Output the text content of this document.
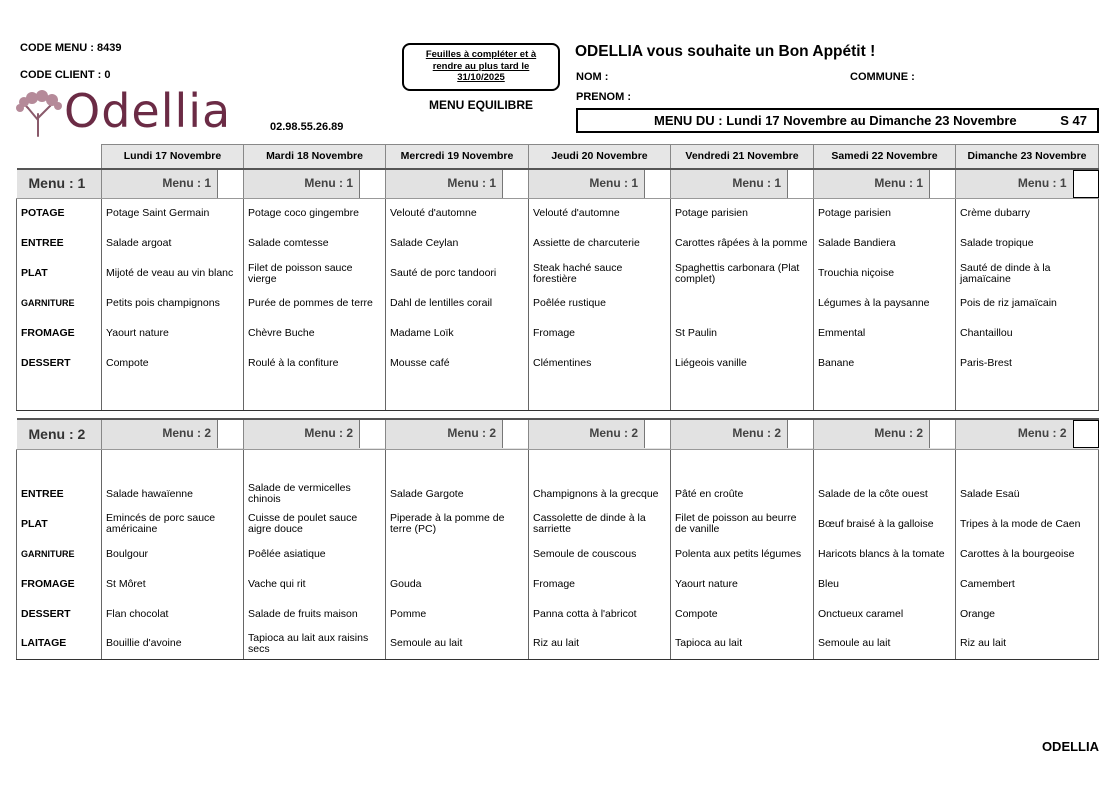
CODE MENU : 8439
CODE CLIENT : 0
Odellia	02.98.55.26.89
Feuilles à compléter et à rendre au plus tard le 31/10/2025
MENU EQUILIBRE
ODELLIA vous souhaite un Bon Appétit !
NOM :	COMMUNE :
PRENOM :
MENU DU : Lundi 17 Novembre au Dimanche 23 Novembre	S 47
	Lundi 17 Novembre	Mardi 18 Novembre	Mercredi 19 Novembre	Jeudi 20 Novembre	Vendredi 21 Novembre	Samedi 22 Novembre	Dimanche 23 Novembre
Menu : 1	Menu : 1	Menu : 1	Menu : 1	Menu : 1	Menu : 1	Menu : 1	Menu : 1
POTAGE	Potage Saint Germain	Potage coco gingembre	Velouté d'automne	Velouté d'automne	Potage parisien	Potage parisien	Crème dubarry
ENTREE	Salade argoat	Salade comtesse	Salade Ceylan	Assiette de charcuterie	Carottes râpées à la pomme	Salade Bandiera	Salade tropique
PLAT	Mijoté de veau au vin blanc	Filet de poisson sauce vierge	Sauté de porc tandoori	Steak haché sauce forestière	Spaghettis carbonara (Plat complet)	Trouchia niçoise	Sauté de dinde à la jamaïcaine
GARNITURE	Petits pois champignons	Purée de pommes de terre	Dahl de lentilles corail	Poêlée rustique		Légumes à la paysanne	Pois de riz jamaïcain
FROMAGE	Yaourt nature	Chèvre Buche	Madame Loïk	Fromage	St Paulin	Emmental	Chantaillou
DESSERT	Compote	Roulé à la confiture	Mousse café	Clémentines	Liégeois vanille	Banane	Paris-Brest

Menu : 2	Menu : 2	Menu : 2	Menu : 2	Menu : 2	Menu : 2	Menu : 2	Menu : 2

ENTREE	Salade hawaïenne	Salade de vermicelles chinois	Salade Gargote	Champignons à la grecque	Pâté en croûte	Salade de la côte ouest	Salade Esaü
PLAT	Emincés de porc sauce américaine	Cuisse de poulet sauce aigre douce	Piperade à la pomme de terre (PC)	Cassolette de dinde à la sarriette	Filet de poisson au beurre de vanille	Bœuf braisé à la galloise	Tripes à la mode de Caen
GARNITURE	Boulgour	Poêlée asiatique		Semoule de couscous	Polenta aux petits légumes	Haricots blancs à la tomate	Carottes à la bourgeoise
FROMAGE	St Môret	Vache qui rit	Gouda	Fromage	Yaourt nature	Bleu	Camembert
DESSERT	Flan chocolat	Salade de fruits maison	Pomme	Panna cotta à l'abricot	Compote	Onctueux caramel	Orange
LAITAGE	Bouillie d'avoine	Tapioca au lait aux raisins secs	Semoule au lait	Riz au lait	Tapioca au lait	Semoule au lait	Riz au lait
ODELLIA
